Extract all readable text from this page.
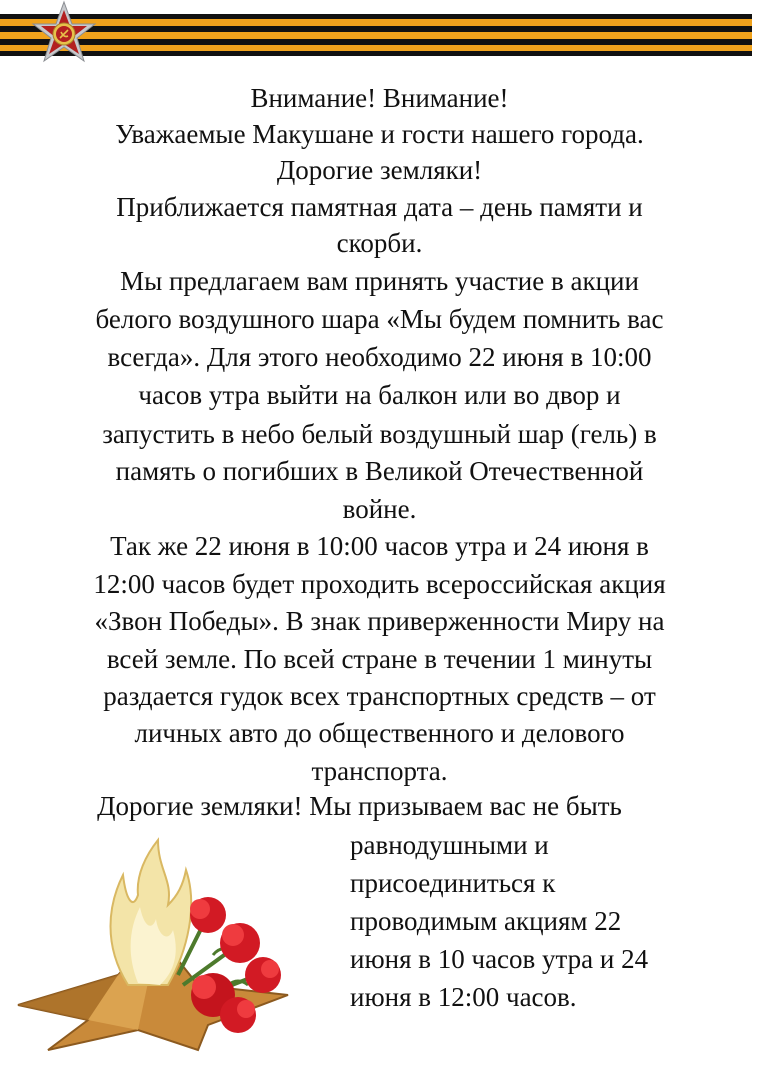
Внимание! Внимание!
Уважаемые Макушане и гости нашего города.
Дорогие земляки!
Приближается памятная дата – день памяти и
скорби.
Мы предлагаем вам принять участие в акции
белого воздушного шара «Мы будем помнить вас
всегда». Для этого необходимо 22 июня в 10:00
часов утра выйти на балкон или во двор и
запустить в небо белый воздушный шар (гель) в
память о погибших в Великой Отечественной
войне.
Так же 22 июня в 10:00 часов утра и 24 июня в
12:00 часов будет проходить всероссийская акция
«Звон Победы». В знак приверженности Миру на
всей земле. По всей стране в течении 1 минуты
раздается гудок всех транспортных средств – от
личных авто до общественного и делового
транспорта.
Дорогие земляки! Мы призываем вас не быть
равнодушными и
присоединиться к
проводимым акциям 22
июня в 10 часов утра и 24
июня в 12:00 часов.
